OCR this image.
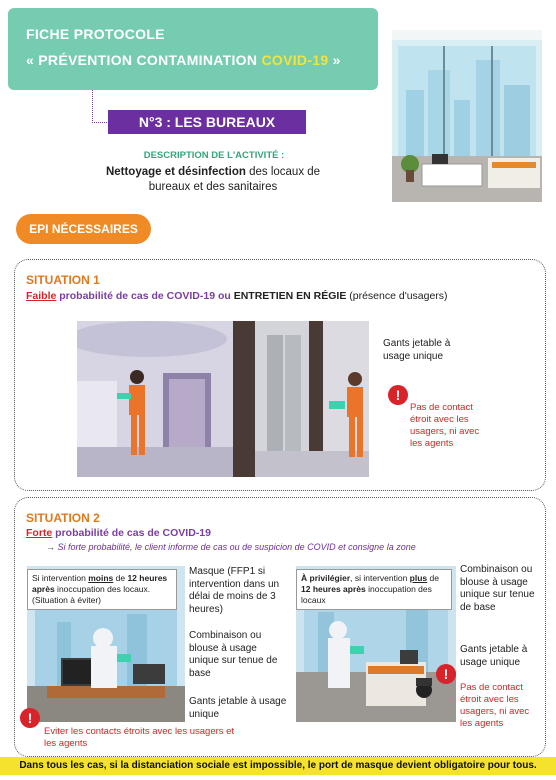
FICHE PROTOCOLE
« PRÉVENTION CONTAMINATION COVID-19 »
N°3 : LES BUREAUX
DESCRIPTION DE L'ACTIVITÉ :
Nettoyage et désinfection des locaux de bureaux et des sanitaires
EPI NÉCESSAIRES
SITUATION 1
Faible probabilité de cas de COVID-19 ou ENTRETIEN EN RÉGIE (présence d'usagers)
Gants jetable à usage unique
!
Pas de contact étroit avec les usagers, ni avec les agents
SITUATION 2
Forte probabilité de cas de COVID-19
→ Si forte probabilité, le client informe de cas ou de suspicion de COVID et consigne la zone
Si intervention moins de 12 heures après inoccupation des locaux. (Situation à éviter)
Masque (FFP1 si intervention dans un délai de moins de 3 heures)
Combinaison ou blouse à usage unique sur tenue de base
Gants jetable à usage unique
!
Eviter les contacts étroits avec les usagers et les agents
À privilégier, si intervention plus de 12 heures après inoccupation des locaux
Combinaison ou blouse à usage unique sur tenue de base
Gants jetable à usage unique
!
Pas de contact étroit avec les usagers, ni avec les agents
Dans tous les cas, si la distanciation sociale est impossible, le port de masque devient obligatoire pour tous.
